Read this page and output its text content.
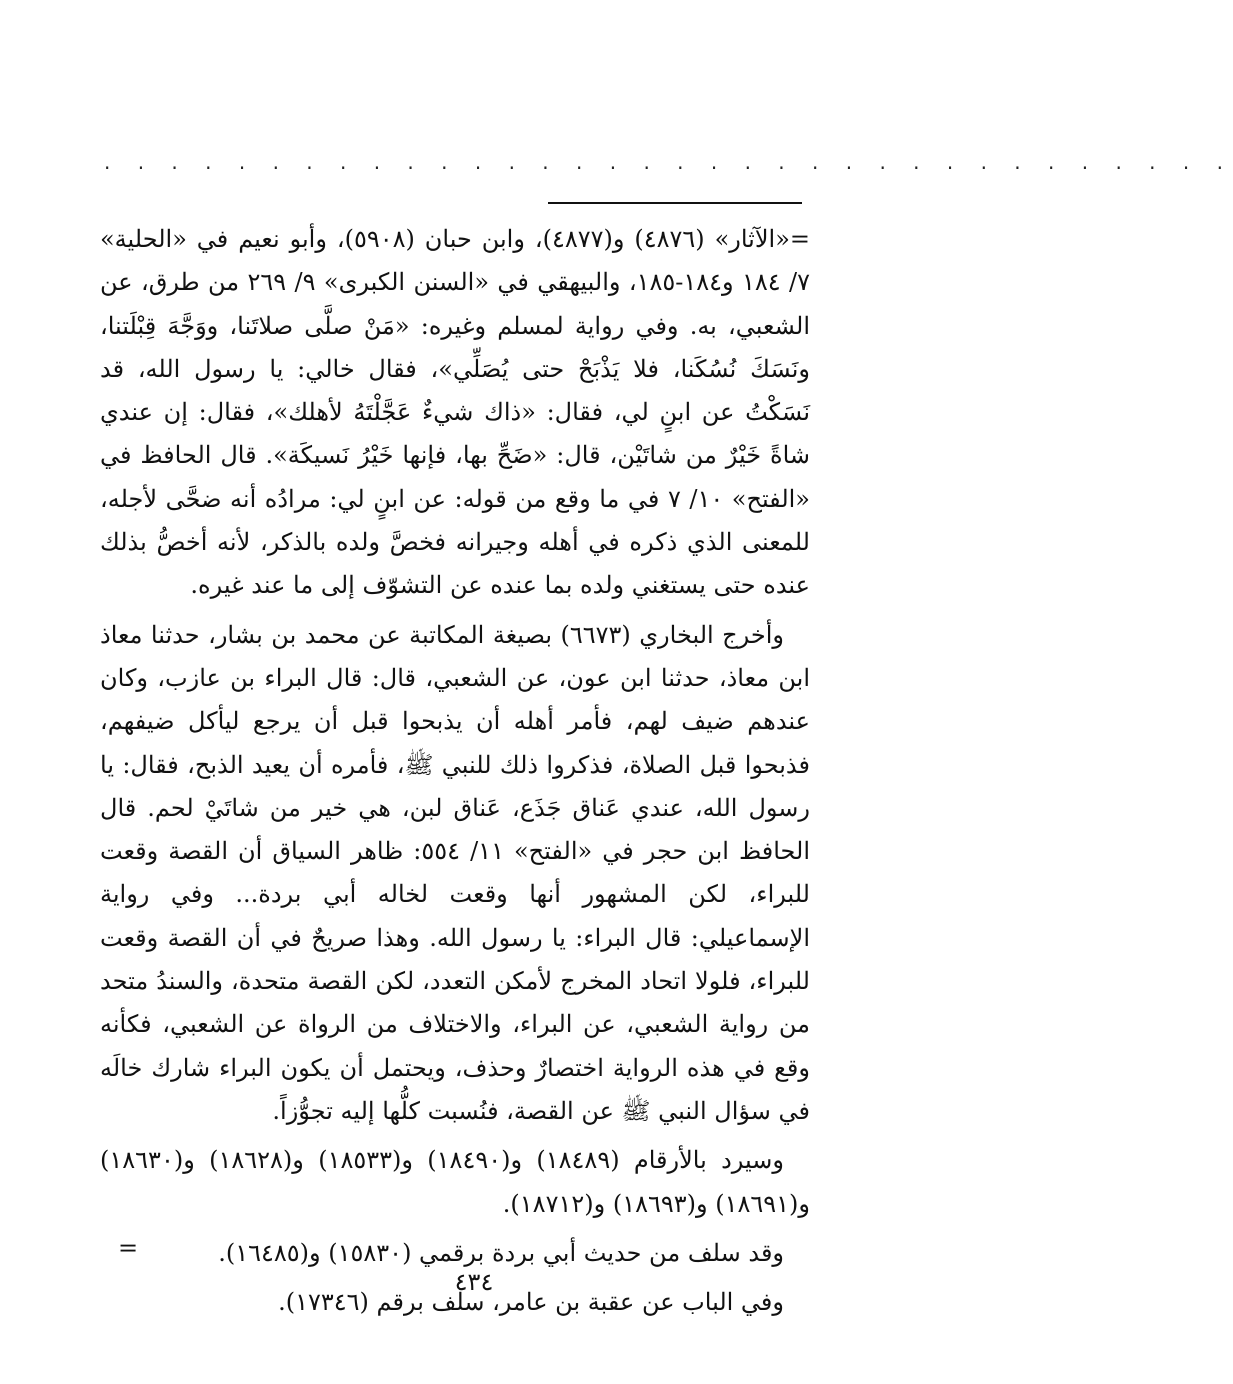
. . . . . . . . . . . . . . . . . . . . . . . . . . . . . . . . . .

=«الآثار» (٤٨٧٦) و(٤٨٧٧)، وابن حبان (٥٩٠٨)، وأبو نعيم في «الحلية» ٧/ ١٨٤ و١٨٤-١٨٥، والبيهقي في «السنن الكبرى» ٩/ ٢٦٩ من طرق، عن الشعبي، به. وفي رواية لمسلم وغيره: «مَنْ صلَّى صلاتَنا، ووَجَّهَ قِبْلَتنا، ونَسَكَ نُسُكَنا، فلا يَذْبَحْ حتى يُصَلِّي»، فقال خالي: يا رسول الله، قد نَسَكْتُ عن ابنٍ لي، فقال: «ذاك شيءٌ عَجَّلْتَهُ لأهلك»، فقال: إن عندي شاةً خَيْرٌ من شاتَيْن، قال: «ضَحِّ بها، فإنها خَيْرُ نَسيكَة». قال الحافظ في «الفتح» ١٠/ ٧ في ما وقع من قوله: عن ابنٍ لي: مرادُه أنه ضحَّى لأجله، للمعنى الذي ذكره في أهله وجيرانه فخصَّ ولده بالذكر، لأنه أخصُّ بذلك عنده حتى يستغني ولده بما عنده عن التشوّف إلى ما عند غيره.

وأخرج البخاري (٦٦٧٣) بصيغة المكاتبة عن محمد بن بشار، حدثنا معاذ ابن معاذ، حدثنا ابن عون، عن الشعبي، قال: قال البراء بن عازب، وكان عندهم ضيف لهم، فأمر أهله أن يذبحوا قبل أن يرجع ليأكل ضيفهم، فذبحوا قبل الصلاة، فذكروا ذلك للنبي ﷺ، فأمره أن يعيد الذبح، فقال: يا رسول الله، عندي عَناق جَذَع، عَناق لبن، هي خير من شاتَيْ لحم. قال الحافظ ابن حجر في «الفتح» ١١/ ٥٥٤: ظاهر السياق أن القصة وقعت للبراء، لكن المشهور أنها وقعت لخاله أبي بردة... وفي رواية الإسماعيلي: قال البراء: يا رسول الله. وهذا صريحٌ في أن القصة وقعت للبراء، فلولا اتحاد المخرج لأمكن التعدد، لكن القصة متحدة، والسندُ متحد من رواية الشعبي، عن البراء، والاختلاف من الرواة عن الشعبي، فكأنه وقع في هذه الرواية اختصارٌ وحذف، ويحتمل أن يكون البراء شارك خالَه في سؤال النبي ﷺ عن القصة، فنُسبت كلُّها إليه تجوُّزاً.

وسيرد بالأرقام (١٨٤٨٩) و(١٨٤٩٠) و(١٨٥٣٣) و(١٨٦٢٨) و(١٨٦٣٠) و(١٨٦٩١) و(١٨٦٩٣) و(١٨٧١٢).

وقد سلف من حديث أبي بردة برقمي (١٥٨٣٠) و(١٦٤٨٥).

وفي الباب عن عقبة بن عامر، سلف برقم (١٧٣٤٦).

=
٤٣٤
